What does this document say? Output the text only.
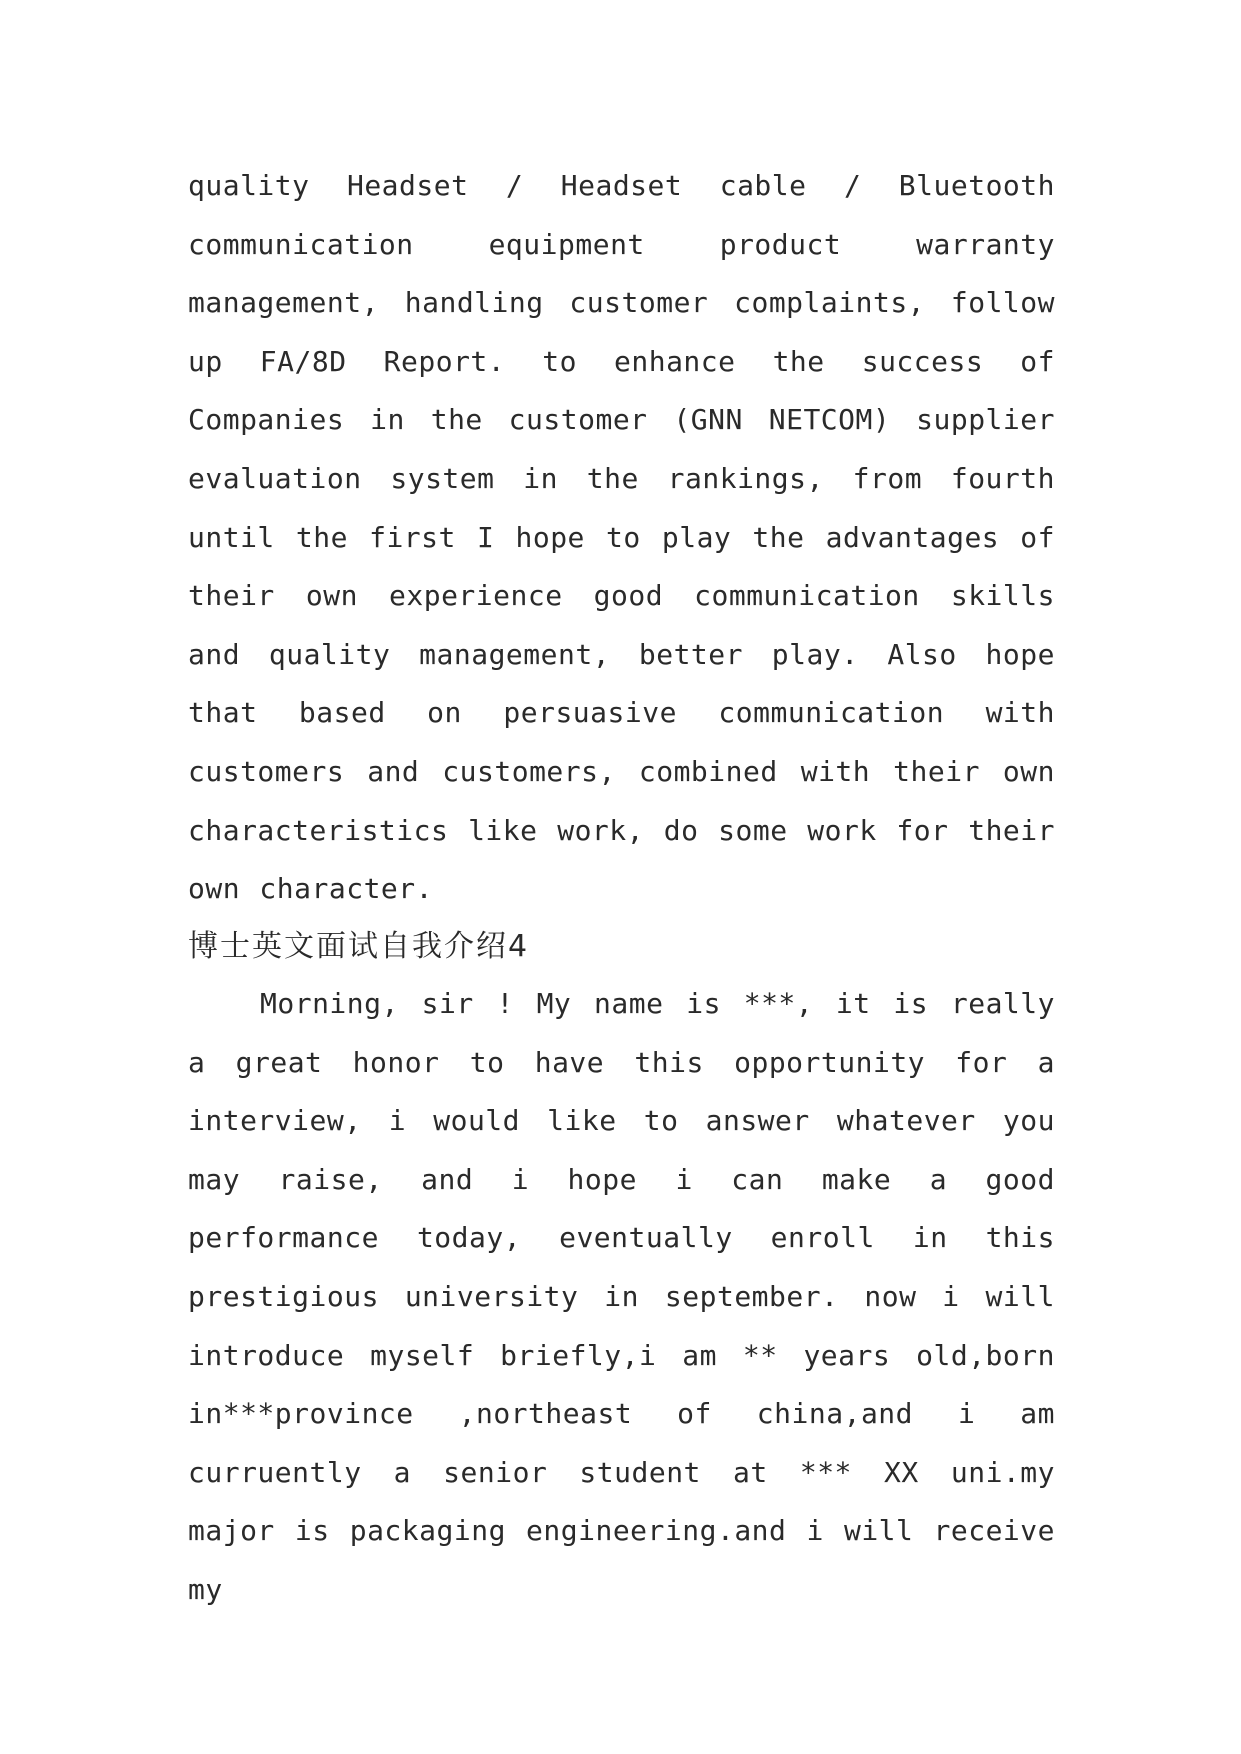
quality Headset / Headset cable / Bluetooth communication equipment product warranty management, handling customer complaints, follow up FA/8D Report. to enhance the success of Companies in the customer (GNN NETCOM) supplier evaluation system in the rankings, from fourth until the first I hope to play the advantages of their own experience good communication skills and quality management, better play. Also hope that based on persuasive communication with customers and customers, combined with their own characteristics like work, do some work for their own character.

博士英文面试自我介绍4

Morning, sir ! My name is ***, it is really a great honor to have this opportunity for a interview, i would like to answer whatever you may raise, and i hope i can make a good performance today, eventually enroll in this prestigious university in september. now i will introduce myself briefly,i am ** years old,born in***province ,northeast of china,and i am curruently a senior student at *** XX uni.my major is packaging engineering.and i will receive my
